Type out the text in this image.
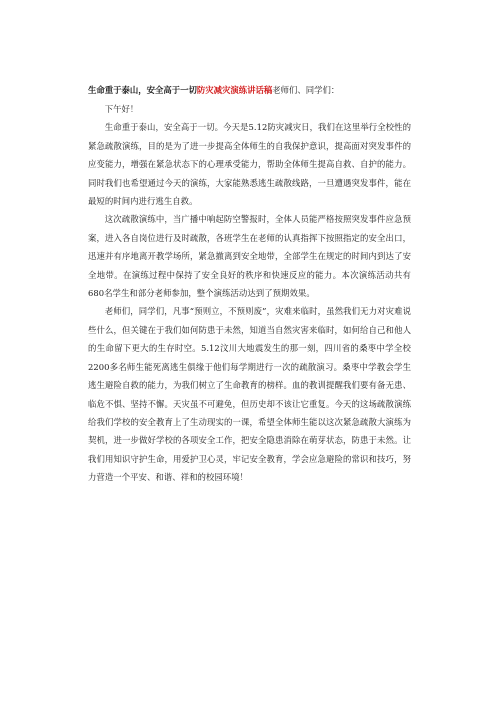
生命重于泰山，安全高于一切防灾减灾演练讲话稿老师们、同学们：

下午好！

生命重于泰山，安全高于一切。今天是5.12防灾减灾日，我们在这里举行全校性的紧急疏散演练，目的是为了进一步提高全体师生的自我保护意识，提高面对突发事件的应变能力，增强在紧急状态下的心理承受能力，帮助全体师生提高自救、自护的能力。同时我们也希望通过今天的演练，大家能熟悉逃生疏散线路，一旦遭遇突发事件，能在最短的时间内进行逃生自救。

这次疏散演练中，当广播中响起防空警报时，全体人员能严格按照突发事件应急预案，进入各自岗位进行及时疏散，各班学生在老师的认真指挥下按照指定的安全出口，迅速并有序地离开教学场所，紧急撤离到安全地带，全部学生在规定的时间内到达了安全地带。在演练过程中保持了安全良好的秩序和快速反应的能力。本次演练活动共有680名学生和部分老师参加，整个演练活动达到了预期效果。

老师们，同学们，凡事“预则立，不预则废”，灾难来临时，虽然我们无力对灾难说些什么，但关键在于我们如何防患于未然，知道当自然灾害来临时，如何给自己和他人的生命留下更大的生存时空。5.12汶川大地震发生的那一刻，四川省的桑枣中学全校2200多名师生能死离逃生俱缘于他们每学期进行一次的疏散演习。桑枣中学教会学生逃生避险自救的能力，为我们树立了生命教育的榜样。血的教训提醒我们要有备无患、临危不惧、坚持不懈。天灾虽不可避免，但历史却不该让它重复。今天的这场疏散演练给我们学校的安全教育上了生动现实的一课，希望全体师生能以这次紧急疏散大演练为契机，进一步做好学校的各项安全工作，把安全隐患消除在萌芽状态，防患于未然。让我们用知识守护生命，用爱护卫心灵，牢记安全教育，学会应急避险的常识和技巧，努力营造一个平安、和谐、祥和的校园环境！
